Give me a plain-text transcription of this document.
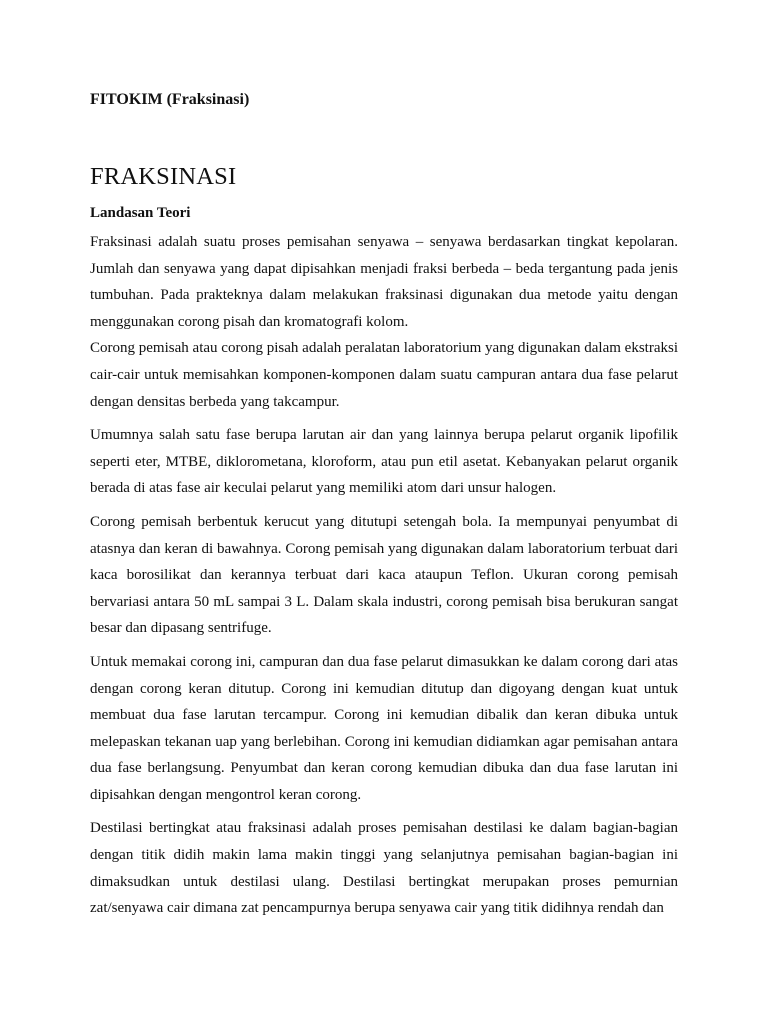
FITOKIM (Fraksinasi)
FRAKSINASI
Landasan Teori

Fraksinasi adalah suatu proses pemisahan senyawa – senyawa berdasarkan tingkat kepolaran. Jumlah dan senyawa yang dapat dipisahkan menjadi fraksi berbeda – beda tergantung pada jenis tumbuhan. Pada prakteknya dalam melakukan fraksinasi digunakan dua metode yaitu dengan menggunakan corong pisah dan kromatografi kolom.

Corong pemisah atau corong pisah adalah peralatan laboratorium yang digunakan dalam ekstraksi cair-cair untuk memisahkan komponen-komponen dalam suatu campuran antara dua fase pelarut dengan densitas berbeda yang takcampur.

Umumnya salah satu fase berupa larutan air dan yang lainnya berupa pelarut organik lipofilik seperti eter, MTBE, diklorometana, kloroform, atau pun etil asetat. Kebanyakan pelarut organik berada di atas fase air keculai pelarut yang memiliki atom dari unsur halogen.

Corong pemisah berbentuk kerucut yang ditutupi setengah bola. Ia mempunyai penyumbat di atasnya dan keran di bawahnya. Corong pemisah yang digunakan dalam laboratorium terbuat dari kaca borosilikat dan kerannya terbuat dari kaca ataupun Teflon. Ukuran corong pemisah bervariasi antara 50 mL sampai 3 L. Dalam skala industri, corong pemisah bisa berukuran sangat besar dan dipasang sentrifuge.

Untuk memakai corong ini, campuran dan dua fase pelarut dimasukkan ke dalam corong dari atas dengan corong keran ditutup. Corong ini kemudian ditutup dan digoyang dengan kuat untuk membuat dua fase larutan tercampur. Corong ini kemudian dibalik dan keran dibuka untuk melepaskan tekanan uap yang berlebihan. Corong ini kemudian didiamkan agar pemisahan antara dua fase berlangsung. Penyumbat dan keran corong kemudian dibuka dan dua fase larutan ini dipisahkan dengan mengontrol keran corong.

Destilasi bertingkat atau fraksinasi adalah proses pemisahan destilasi ke dalam bagian-bagian dengan titik didih makin lama makin tinggi yang selanjutnya pemisahan bagian-bagian ini dimaksudkan untuk destilasi ulang. Destilasi bertingkat merupakan proses pemurnian zat/senyawa cair dimana zat pencampurnya berupa senyawa cair yang titik didihnya rendah dan
